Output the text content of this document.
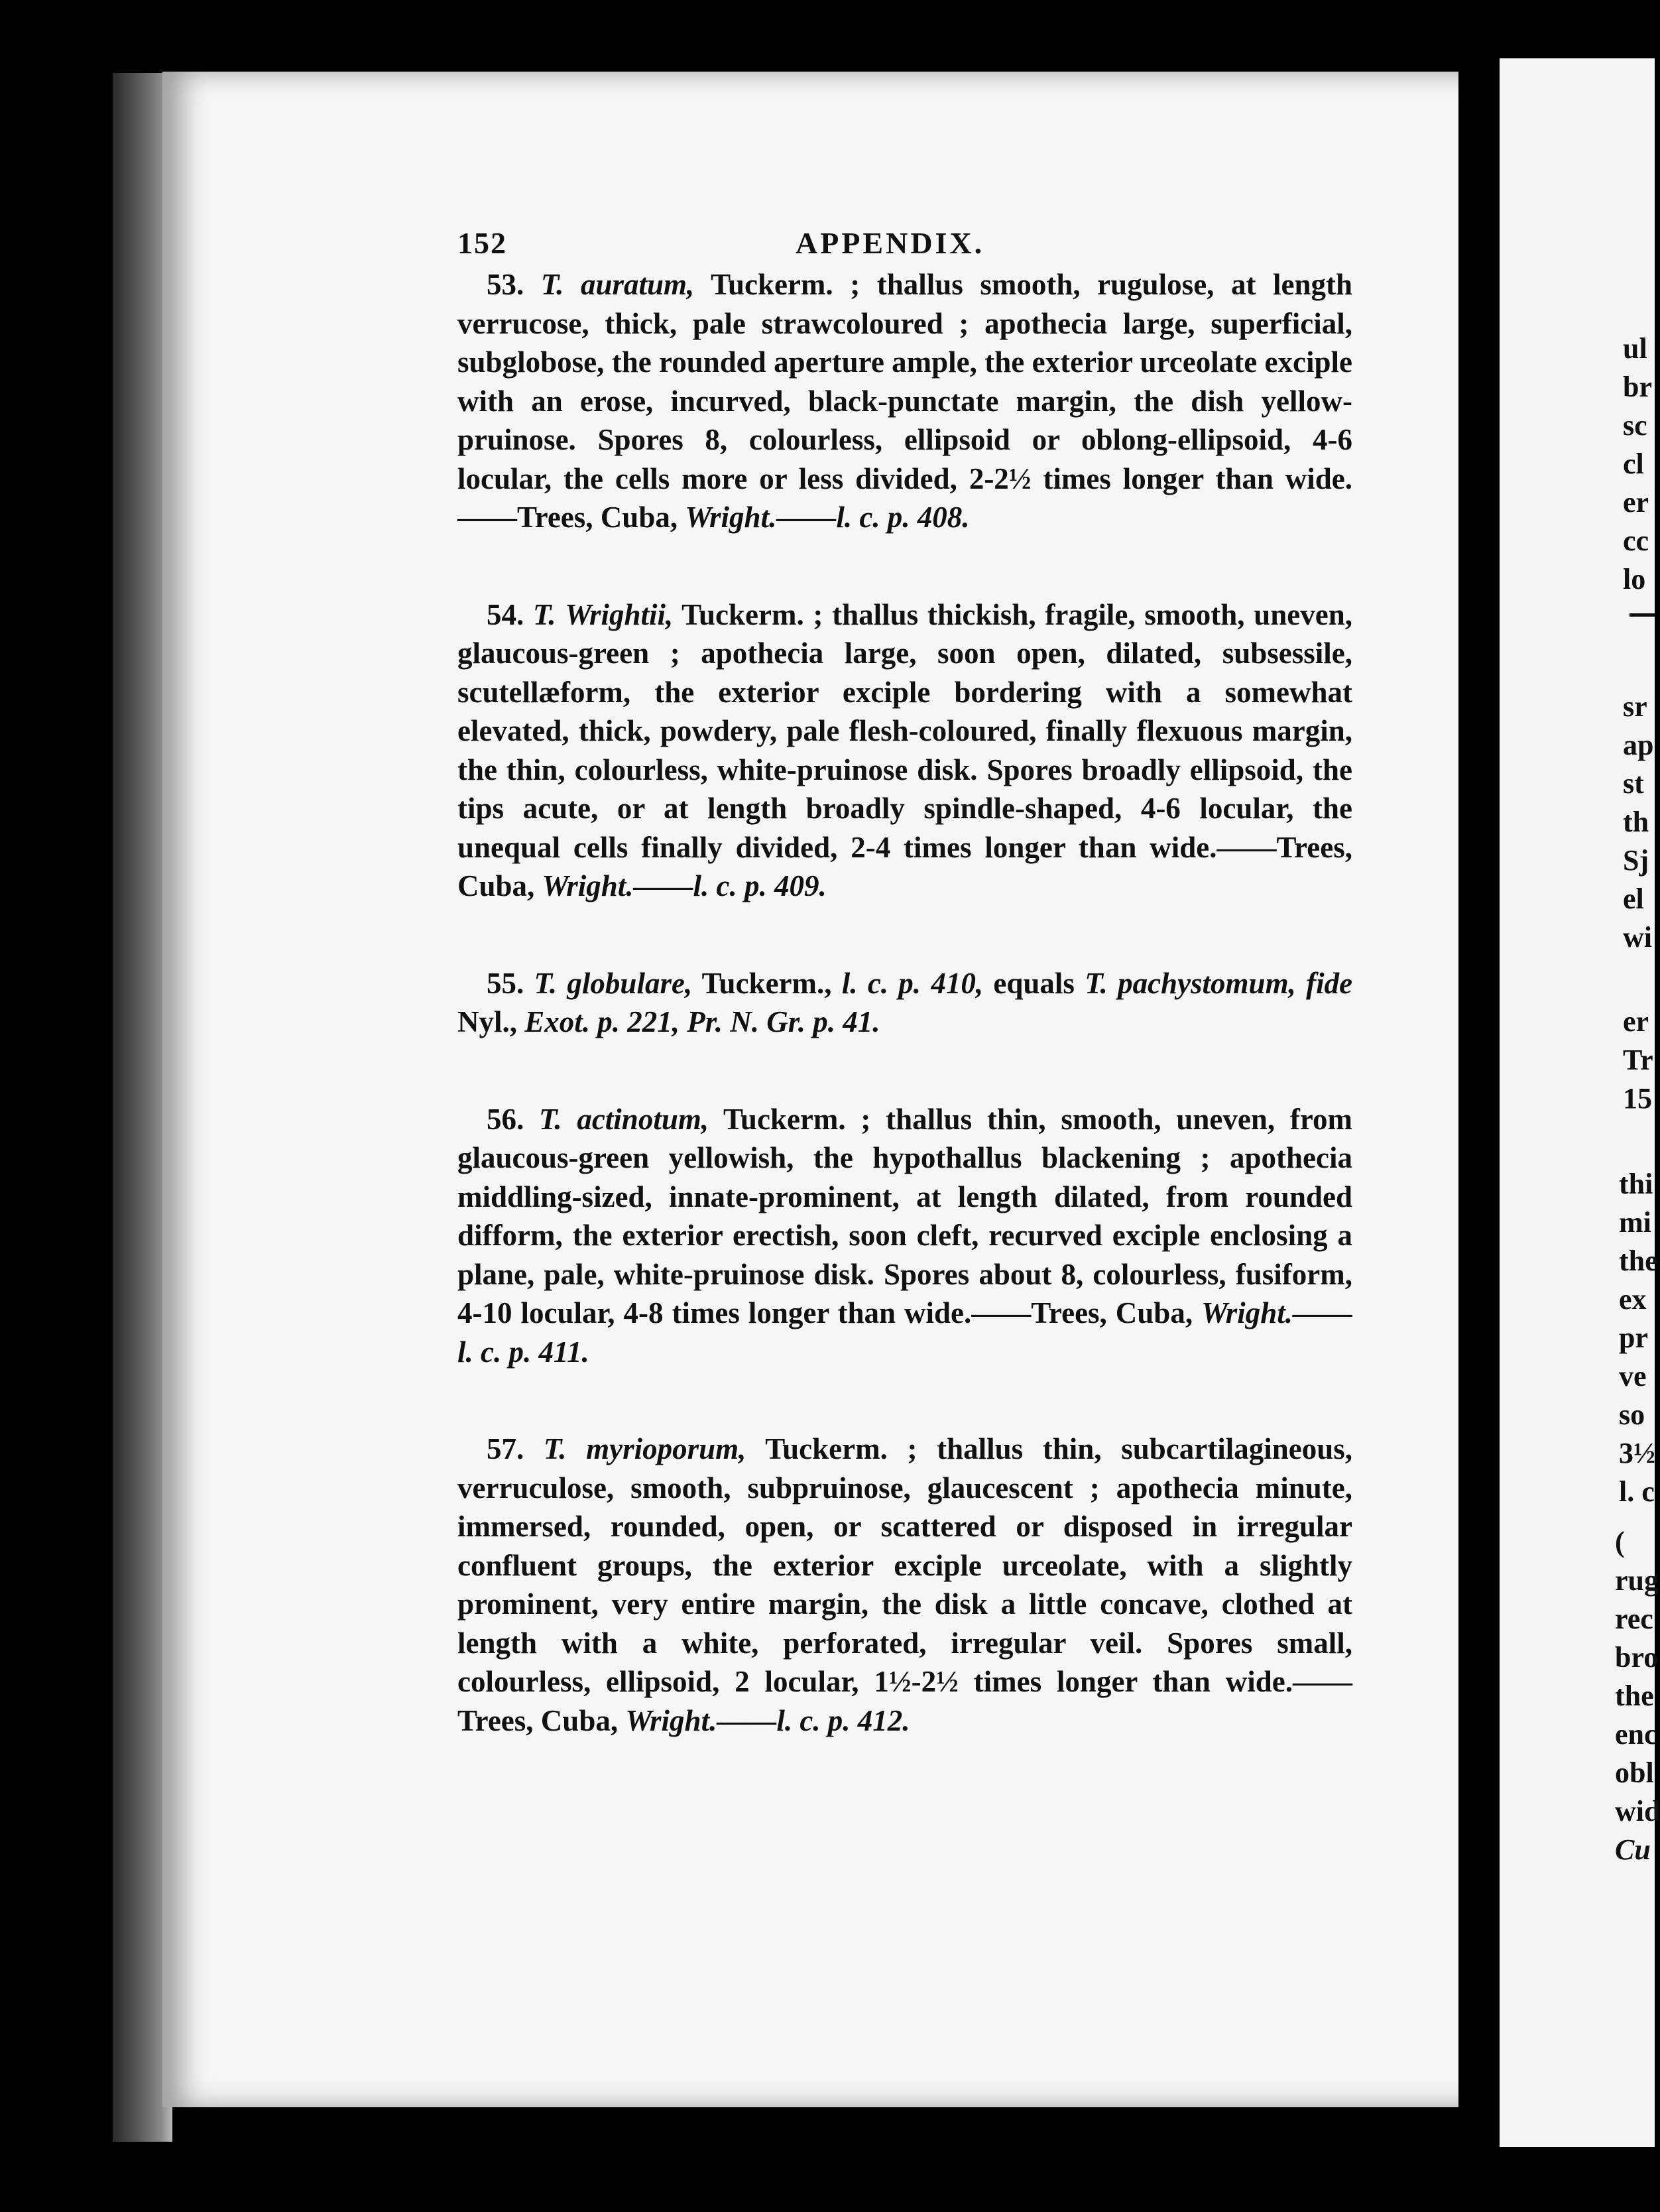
152	APPENDIX.

53. T. auratum, Tuckerm. ; thallus smooth, rugulose, at length verrucose, thick, pale strawcoloured ; apothecia large, superficial, subglobose, the rounded aperture ample, the exterior urceolate exciple with an erose, incurved, black-punctate margin, the dish yellow-pruinose. Spores 8, colourless, ellipsoid or oblong-ellipsoid, 4-6 locular, the cells more or less divided, 2-2½ times longer than wide.——Trees, Cuba, Wright.——l. c. p. 408.

54. T. Wrightii, Tuckerm. ; thallus thickish, fragile, smooth, uneven, glaucous-green ; apothecia large, soon open, dilated, subsessile, scutellæform, the exterior exciple bordering with a somewhat elevated, thick, powdery, pale flesh-coloured, finally flexuous margin, the thin, colourless, white-pruinose disk. Spores broadly ellipsoid, the tips acute, or at length broadly spindle-shaped, 4-6 locular, the unequal cells finally divided, 2-4 times longer than wide.——Trees, Cuba, Wright.——l. c. p. 409.

55. T. globulare, Tuckerm., l. c. p. 410, equals T. pachystomum, fide Nyl., Exot. p. 221, Pr. N. Gr. p. 41.

56. T. actinotum, Tuckerm. ; thallus thin, smooth, uneven, from glaucous-green yellowish, the hypothallus blackening ; apothecia middling-sized, innate-prominent, at length dilated, from rounded difform, the exterior erectish, soon cleft, recurved exciple enclosing a plane, pale, white-pruinose disk. Spores about 8, colourless, fusiform, 4-10 locular, 4-8 times longer than wide.——Trees, Cuba, Wright.——l. c. p. 411.

57. T. myrioporum, Tuckerm. ; thallus thin, subcartilagineous, verruculose, smooth, subpruinose, glaucescent ; apothecia minute, immersed, rounded, open, or scattered or disposed in irregular confluent groups, the exterior exciple urceolate, with a slightly prominent, very entire margin, the disk a little concave, clothed at length with a white, perforated, irregular veil. Spores small, colourless, ellipsoid, 2 locular, 1½-2½ times longer than wide.——Trees, Cuba, Wright.——l. c. p. 412.

ul
br
sc
cl
er
cc
lo
sr
ap
st
th
Sj
el
wi
er
Tr
15
thi
mi
the
ex
pr
ve
so
3½
l. c
(
rug
rec
bro
the
enc
obl
wid
Cu
